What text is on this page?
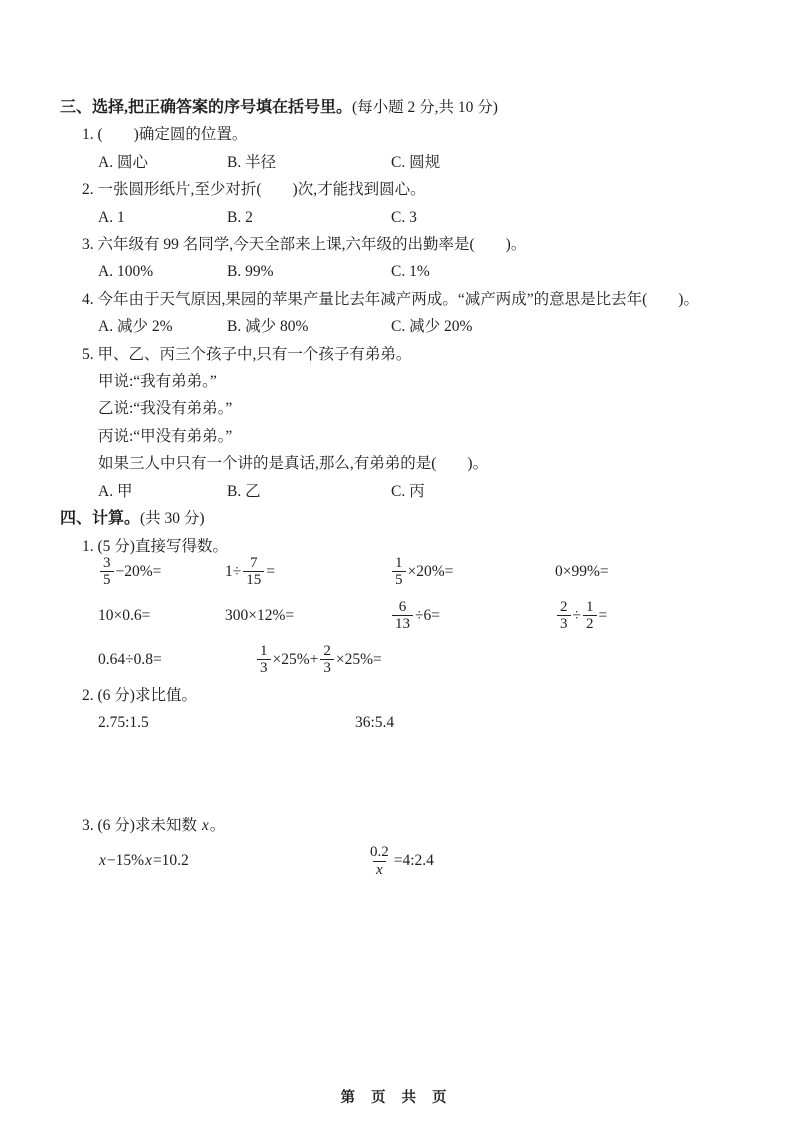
三、选择,把正确答案的序号填在括号里。(每小题 2 分,共 10 分)
1. (　　)确定圆的位置。
A. 圆心	B. 半径	C. 圆规
2. 一张圆形纸片,至少对折(　　)次,才能找到圆心。
A. 1	B. 2	C. 3
3. 六年级有 99 名同学,今天全部来上课,六年级的出勤率是(　　)。
A. 100%	B. 99%	C. 1%
4. 今年由于天气原因,果园的苹果产量比去年减产两成。“减产两成”的意思是比去年(　　)。
A. 减少 2%	B. 减少 80%	C. 减少 20%
5. 甲、乙、丙三个孩子中,只有一个孩子有弟弟。
甲说:“我有弟弟。”
乙说:“我没有弟弟。”
丙说:“甲没有弟弟。”
如果三人中只有一个讲的是真话,那么,有弟弟的是(　　)。
A. 甲	B. 乙	C. 丙
四、计算。(共 30 分)
1. (5 分)直接写得数。
$\frac{3}{5} -20\%=$	$1\div \frac{7}{15}$ =	$\frac{1}{5} \times 20\%=$	0×99%=
10×0.6=	300×12%=	$\frac{6}{13} \div 6=$	$\frac{2}{3} \div \frac{1}{2}$ =
0.64÷0.8=	$\frac{1}{3} \times 25\%+ \frac{2}{3} \times 25\%=$
2. (6 分)求比值。
2.75:1.5	36:5.4
3. (6 分)求未知数 x。
x −15% x =10.2	$\frac{0.2}{x}$ =4:2.4
第 页 共 页
